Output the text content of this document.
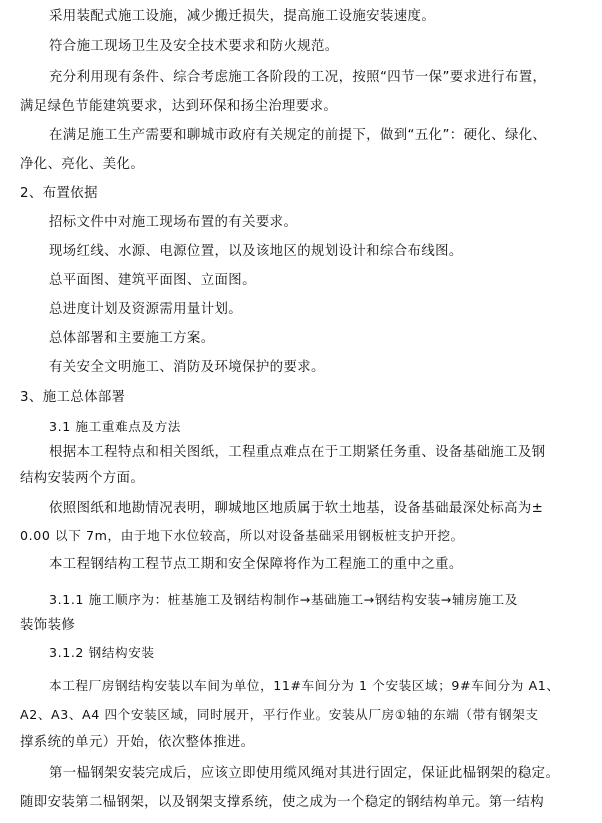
采用装配式施工设施，减少搬迁损失，提高施工设施安装速度。
符合施工现场卫生及安全技术要求和防火规范。
充分利用现有条件、综合考虑施工各阶段的工况，按照“四节一保”要求进行布置，
满足绿色节能建筑要求，达到环保和扬尘治理要求。
在满足施工生产需要和聊城市政府有关规定的前提下，做到“五化”：硬化、绿化、
净化、亮化、美化。
2、布置依据
招标文件中对施工现场布置的有关要求。
现场红线、水源、电源位置，以及该地区的规划设计和综合布线图。
总平面图、建筑平面图、立面图。
总进度计划及资源需用量计划。
总体部署和主要施工方案。
有关安全文明施工、消防及环境保护的要求。
3、施工总体部署
3.1 施工重难点及方法
根据本工程特点和相关图纸，工程重点难点在于工期紧任务重、设备基础施工及钢
结构安装两个方面。
依照图纸和地勘情况表明，聊城地区地质属于软土地基，设备基础最深处标高为±
0.00 以下 7m，由于地下水位较高，所以对设备基础采用钢板桩支护开挖。
本工程钢结构工程节点工期和安全保障将作为工程施工的重中之重。
3.1.1 施工顺序为：桩基施工及钢结构制作→基础施工→钢结构安装→辅房施工及
装饰装修
3.1.2 钢结构安装
本工程厂房钢结构安装以车间为单位，11#车间分为 1 个安装区域；9#车间分为 A1、
A2、A3、A4 四个安装区域，同时展开，平行作业。安装从厂房①轴的东端（带有钢架支
撑系统的单元）开始，依次整体推进。
第一榀钢架安装完成后，应该立即使用缆风绳对其进行固定，保证此榀钢架的稳定。
随即安装第二榀钢架，以及钢架支撑系统，使之成为一个稳定的钢结构单元。第一结构
